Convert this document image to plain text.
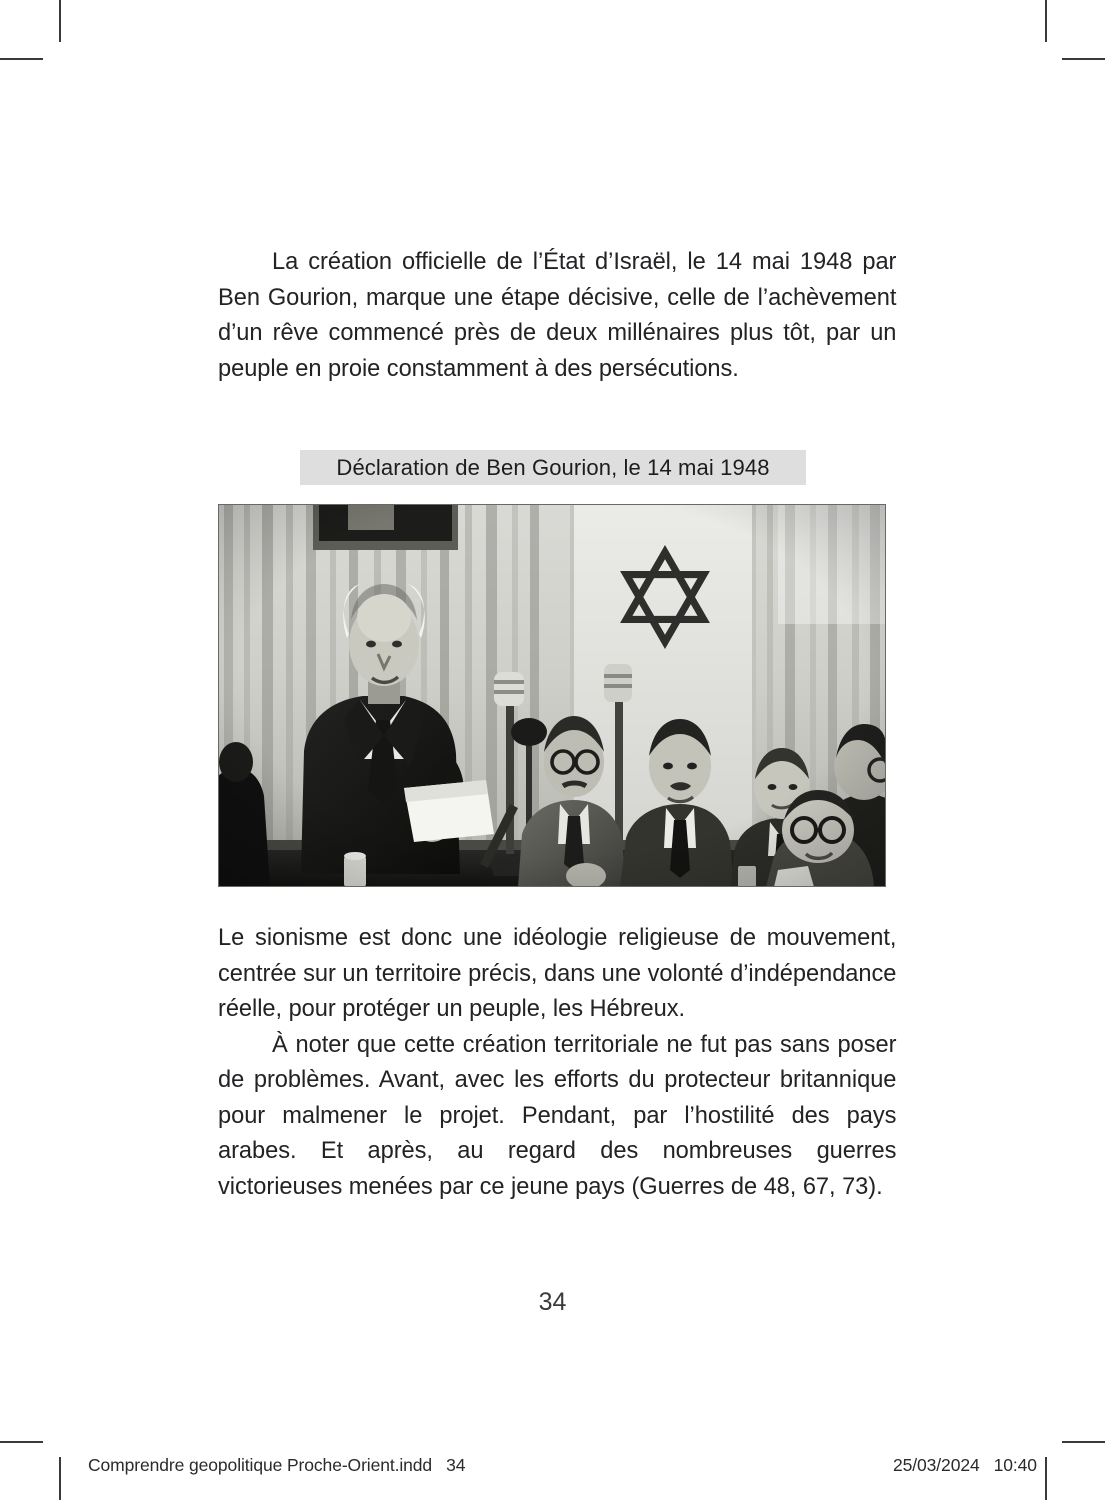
La création officielle de l’État d’Israël, le 14 mai 1948 par Ben Gourion, marque une étape décisive, celle de l’achèvement d’un rêve commencé près de deux millénaires plus tôt, par un peuple en proie constamment à des persécutions.

Déclaration de Ben Gourion, le 14 mai 1948

Le sionisme est donc une idéologie religieuse de mouvement, centrée sur un territoire précis, dans une volonté d’indépendance réelle, pour protéger un peuple, les Hébreux.

À noter que cette création territoriale ne fut pas sans poser de problèmes. Avant, avec les efforts du protecteur britannique pour malmener le projet. Pendant, par l’hostilité des pays arabes. Et après, au regard des nombreuses guerres victorieuses menées par ce jeune pays (Guerres de 48, 67, 73).

34
Comprendre geopolitique Proche-Orient.indd 34	25/03/2024 10:40
